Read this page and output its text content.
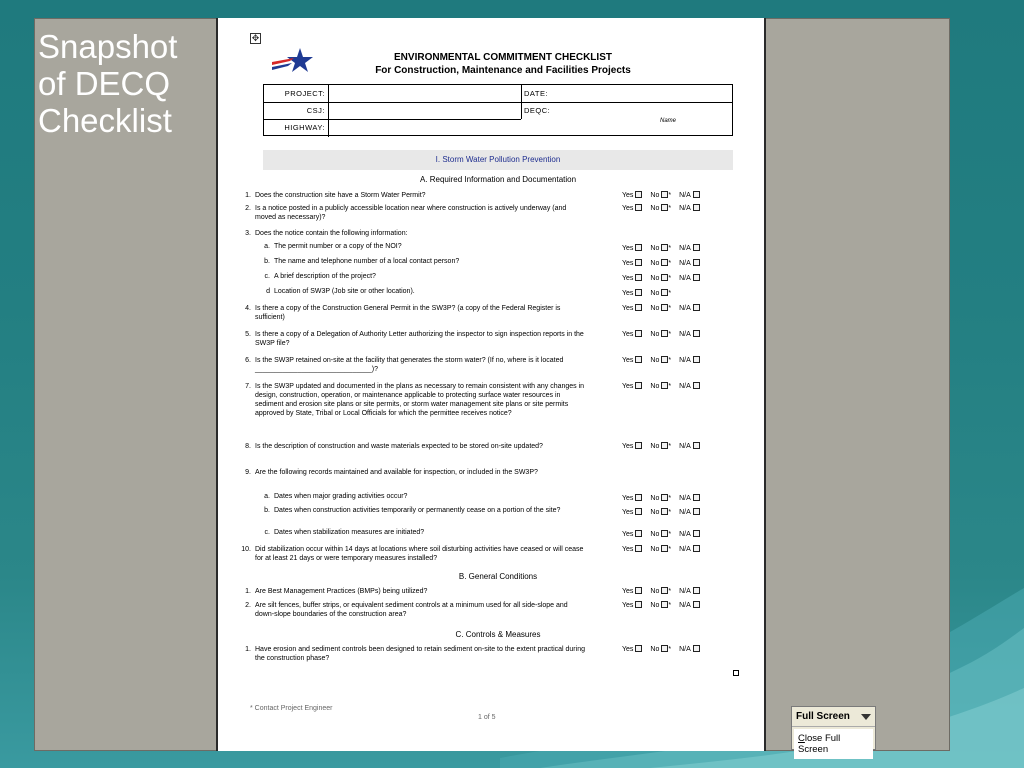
Snapshot of DECQ Checklist
✥
ENVIRONMENTAL COMMITMENT CHECKLIST
For Construction, Maintenance and Facilities Projects
PROJECT:	DATE:
CSJ:	DEQC:
HIGHWAY:
Name
I. Storm Water Pollution Prevention
A. Required Information and Documentation
1. Does the construction site have a Storm Water Permit?	Yes No * N/A
2. Is a notice posted in a publicly accessible location near where construction is actively underway (and moved as necessary)?
Yes No * N/A
3. Does the notice contain the following information:
a. The permit number or a copy of the NOI?	Yes No * N/A
b. The name and telephone number of a local contact person?	Yes No * N/A
c. A brief description of the project?	Yes No * N/A
d Location of SW3P (Job site or other location).	Yes No *
4. Is there a copy of the Construction General Permit in the SW3P? (a copy of the Federal Register is sufficient)
Yes No * N/A
5. Is there a copy of a Delegation of Authority Letter authorizing the inspector to sign inspection reports in the SW3P file?
Yes No * N/A
6. Is the SW3P retained on-site at the facility that generates the storm water? (If no, where is it located ______________________________)?
Yes No * N/A
7. Is the SW3P updated and documented in the plans as necessary to remain consistent with any changes in design, construction, operation, or maintenance applicable to protecting surface water resources in sediment and erosion site plans or site permits, or storm water management site plans or site permits approved by State, Tribal or Local Officials for which the permittee receives notice?
Yes No * N/A
8. Is the description of construction and waste materials expected to be stored on-site updated?	Yes No * N/A
9. Are the following records maintained and available for inspection, or included in the SW3P?
a. Dates when major grading activities occur?	Yes No * N/A
b. Dates when construction activities temporarily or permanently cease on a portion of the site?	Yes No * N/A
c. Dates when stabilization measures are initiated?	Yes No * N/A
10. Did stabilization occur within 14 days at locations where soil disturbing activities have ceased or will cease for at least 21 days or were temporary measures installed?
Yes No * N/A
1. Are Best Management Practices (BMPs) being utilized?	Yes No * N/A
2. Are silt fences, buffer strips, or equivalent sediment controls at a minimum used for all side-slope and down-slope boundaries of the construction area?
Yes No * N/A
1. Have erosion and sediment controls been designed to retain sediment on-site to the extent practical during the construction phase?
Yes No * N/A
B. General Conditions
C. Controls & Measures
* Contact Project Engineer
1 of 5	Full Screen
Close Full Screen
